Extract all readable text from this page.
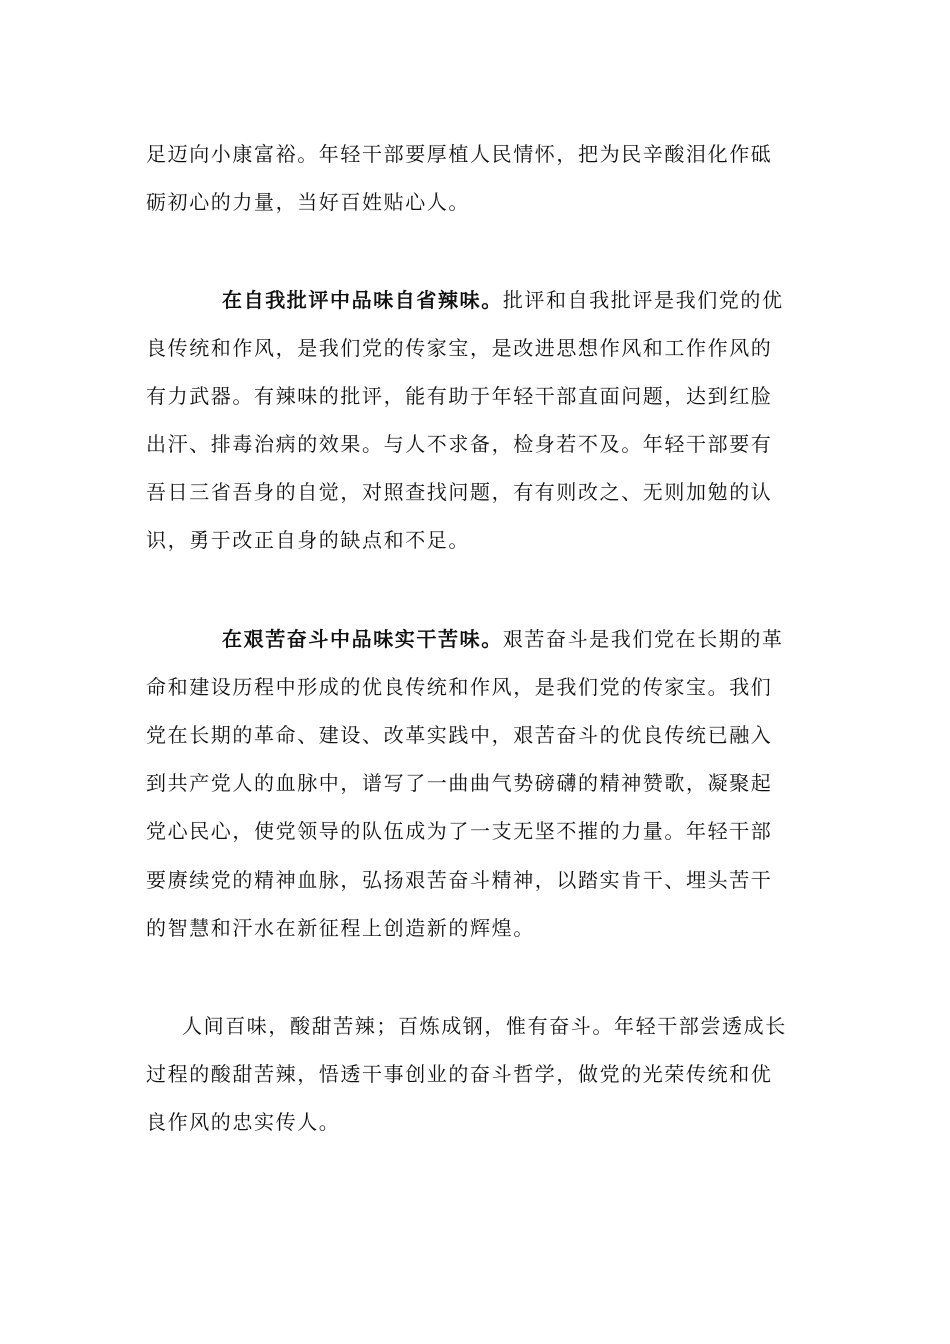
足迈向小康富裕。年轻干部要厚植人民情怀，把为民辛酸泪化作砥
砺初心的力量，当好百姓贴心人。
在自我批评中品味自省辣味。批评和自我批评是我们党的优
良传统和作风，是我们党的传家宝，是改进思想作风和工作作风的
有力武器。有辣味的批评，能有助于年轻干部直面问题，达到红脸
出汗、排毒治病的效果。与人不求备，检身若不及。年轻干部要有
吾日三省吾身的自觉，对照查找问题，有有则改之、无则加勉的认
识，勇于改正自身的缺点和不足。
在艰苦奋斗中品味实干苦味。艰苦奋斗是我们党在长期的革
命和建设历程中形成的优良传统和作风，是我们党的传家宝。我们
党在长期的革命、建设、改革实践中，艰苦奋斗的优良传统已融入
到共产党人的血脉中，谱写了一曲曲气势磅礴的精神赞歌，凝聚起
党心民心，使党领导的队伍成为了一支无坚不摧的力量。年轻干部
要赓续党的精神血脉，弘扬艰苦奋斗精神，以踏实肯干、埋头苦干
的智慧和汗水在新征程上创造新的辉煌。
人间百味，酸甜苦辣；百炼成钢，惟有奋斗。年轻干部尝透成长
过程的酸甜苦辣，悟透干事创业的奋斗哲学，做党的光荣传统和优
良作风的忠实传人。
